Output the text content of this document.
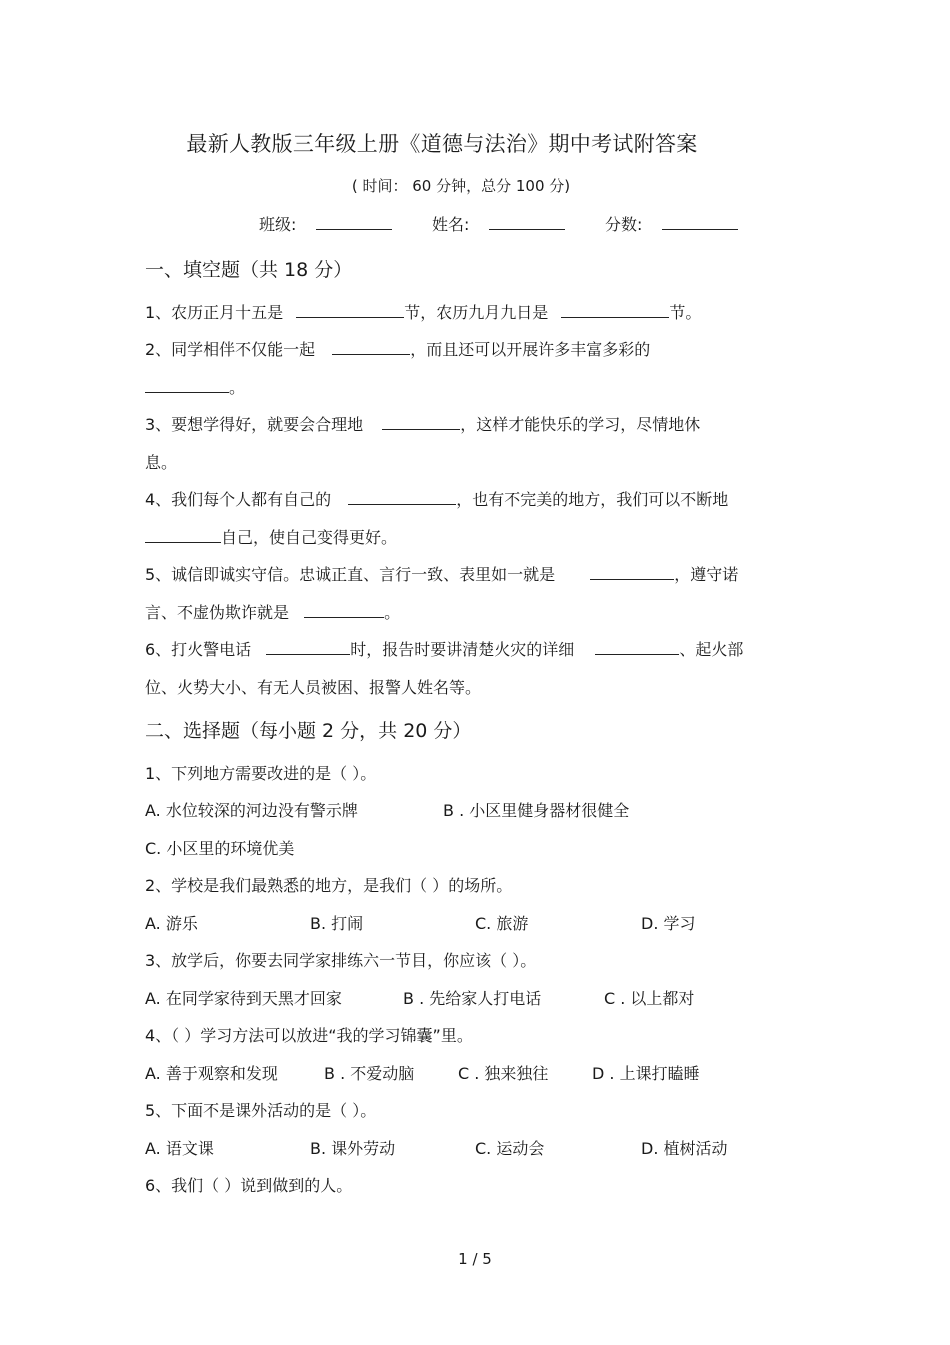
最新人教版三年级上册《道德与法治》期中考试附答案
( 时间： 60 分钟，总分 100 分)
班级:	姓名:	分数:
一、填空题（共 18 分）
1、农历正月十五是	节，农历九月九日是	节。
2、同学相伴不仅能一起	，而且还可以开展许多丰富多彩的
。
3、要想学得好，就要会合理地	，这样才能快乐的学习，尽情地休
息。
4、我们每个人都有自己的	，也有不完美的地方，我们可以不断地
自己，使自己变得更好。
5、诚信即诚实守信。忠诚正直、言行一致、表里如一就是	，遵守诺
言、不虚伪欺诈就是	。
6、打火警电话	时，报告时要讲清楚火灾的详细	、起火部
位、火势大小、有无人员被困、报警人姓名等。
二、选择题（每小题 2 分，共 20 分）
1、下列地方需要改进的是（ ）。
A. 水位较深的河边没有警示牌	B . 小区里健身器材很健全
C. 小区里的环境优美
2、学校是我们最熟悉的地方，是我们（ ）的场所。
A. 游乐	B. 打闹	C. 旅游	D. 学习
3、放学后，你要去同学家排练六一节目，你应该（ ）。
A. 在同学家待到天黑才回家	B . 先给家人打电话	C . 以上都对
4、（ ）学习方法可以放进“我的学习锦囊”里。
A. 善于观察和发现	B . 不爱动脑	C . 独来独往	D . 上课打瞌睡
5、下面不是课外活动的是（ ）。
A. 语文课	B. 课外劳动	C. 运动会	D. 植树活动
6、我们（ ）说到做到的人。
1 / 5
